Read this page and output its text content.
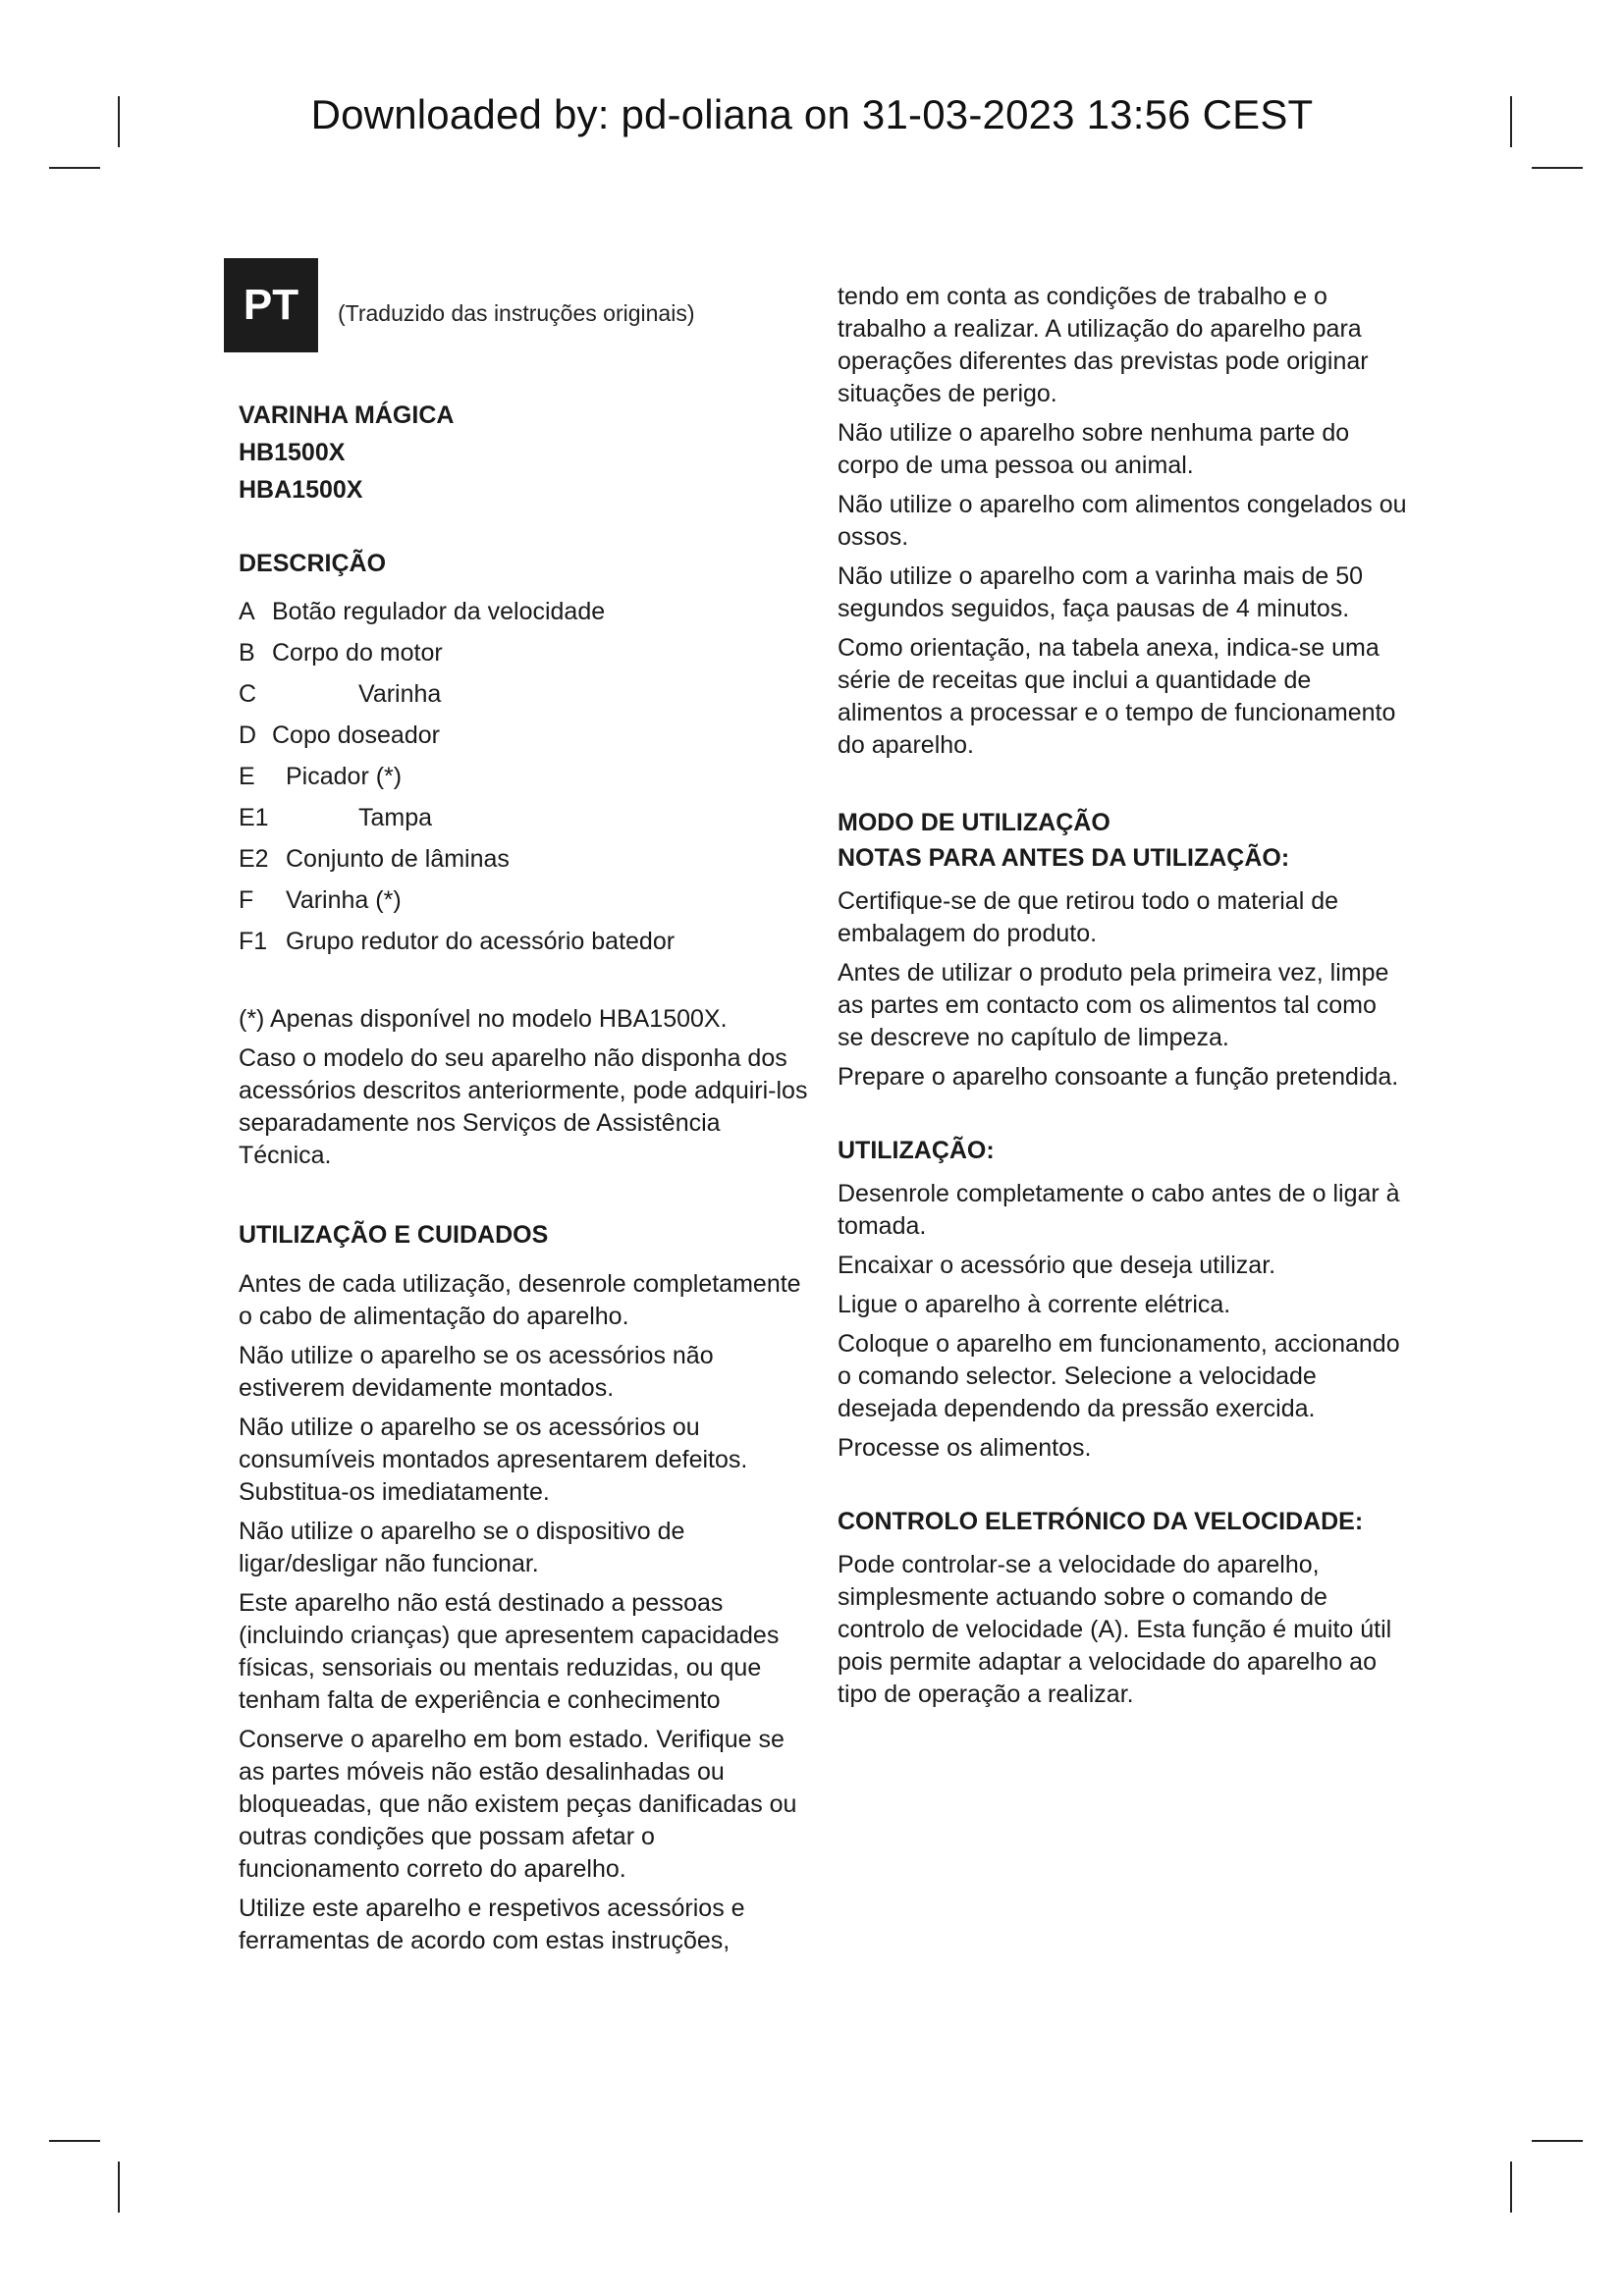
Downloaded by: pd-oliana on 31-03-2023 13:56 CEST
PT	(Traduzido das instruções originais)
VARINHA MÁGICA
HB1500X
HBA1500X
DESCRIÇÃO
A Botão regulador da velocidade
B Corpo do motor
C	Varinha
D Copo doseador
E	Picador (*)
E1	Tampa
E2 Conjunto de lâminas
F	Varinha (*)
F1 Grupo redutor do acessório batedor

(*) Apenas disponível no modelo HBA1500X.

Caso o modelo do seu aparelho não disponha dos acessórios descritos anteriormente, pode adquiri-los separadamente nos Serviços de Assistência Técnica.

UTILIZAÇÃO E CUIDADOS

Antes de cada utilização, desenrole completamente o cabo de alimentação do aparelho.

Não utilize o aparelho se os acessórios não estiverem devidamente montados.

Não utilize o aparelho se os acessórios ou consumíveis montados apresentarem defeitos. Substitua-os imediatamente.

Não utilize o aparelho se o dispositivo de ligar/desligar não funcionar.

Este aparelho não está destinado a pessoas (incluindo crianças) que apresentem capacidades físicas, sensoriais ou mentais reduzidas, ou que tenham falta de experiência e conhecimento

Conserve o aparelho em bom estado. Verifique se as partes móveis não estão desalinhadas ou bloqueadas, que não existem peças danificadas ou outras condições que possam afetar o funcionamento correto do aparelho.

Utilize este aparelho e respetivos acessórios e ferramentas de acordo com estas instruções,

tendo em conta as condições de trabalho e o trabalho a realizar. A utilização do aparelho para operações diferentes das previstas pode originar situações de perigo.

Não utilize o aparelho sobre nenhuma parte do corpo de uma pessoa ou animal.

Não utilize o aparelho com alimentos congelados ou ossos.

Não utilize o aparelho com a varinha mais de 50 segundos seguidos, faça pausas de 4 minutos.

Como orientação, na tabela anexa, indica-se uma série de receitas que inclui a quantidade de alimentos a processar e o tempo de funcionamento do aparelho.

MODO DE UTILIZAÇÃO
NOTAS PARA ANTES DA UTILIZAÇÃO:

Certifique-se de que retirou todo o material de embalagem do produto.

Antes de utilizar o produto pela primeira vez, limpe as partes em contacto com os alimentos tal como se descreve no capítulo de limpeza.

Prepare o aparelho consoante a função pretendida.

UTILIZAÇÃO:

Desenrole completamente o cabo antes de o ligar à tomada.

Encaixar o acessório que deseja utilizar.

Ligue o aparelho à corrente elétrica.

Coloque o aparelho em funcionamento, accionando o comando selector. Selecione a velocidade desejada dependendo da pressão exercida.

Processe os alimentos.

CONTROLO ELETRÓNICO DA VELOCIDADE:

Pode controlar-se a velocidade do aparelho, simplesmente actuando sobre o comando de controlo de velocidade (A). Esta função é muito útil pois permite adaptar a velocidade do aparelho ao tipo de operação a realizar.
